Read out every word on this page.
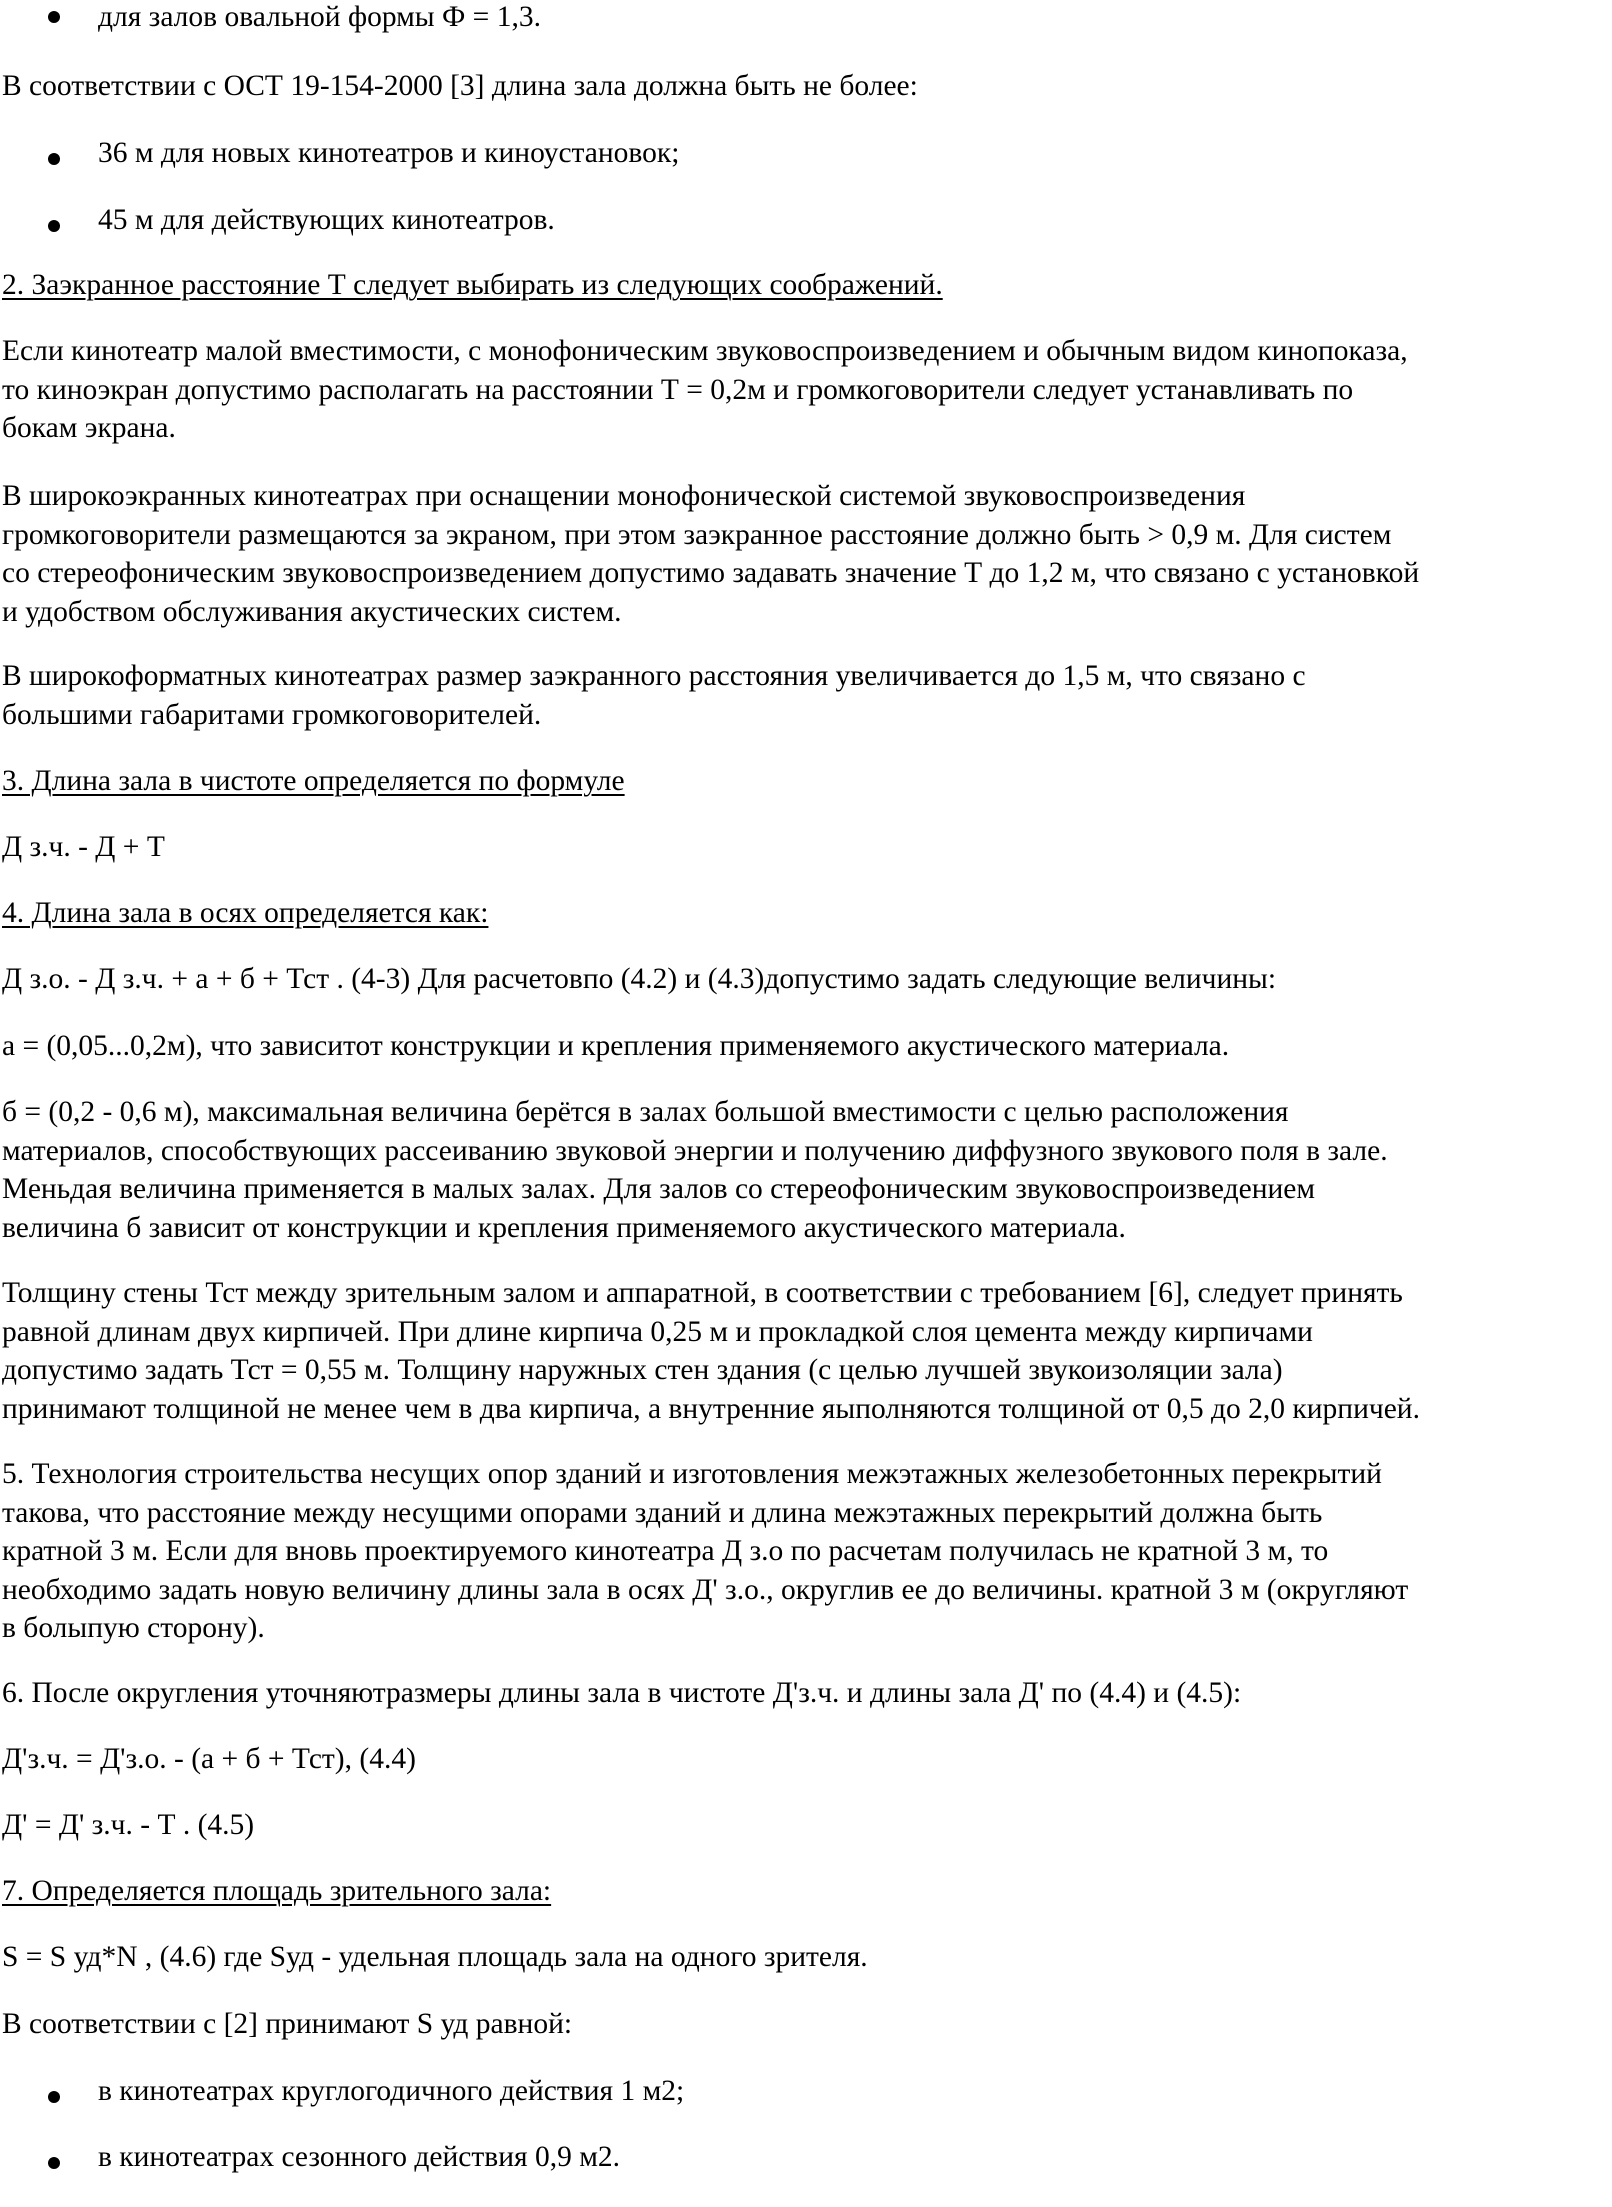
для залов овальной формы Ф = 1,3.

В соответствии с ОСТ 19-154-2000 [3] длина зала должна быть не более:

36 м для новых кинотеатров и киноустановок;

45 м для действующих кинотеатров.

2. Заэкранное расстояние Т следует выбирать из следующих соображений.

Если кинотеатр малой вместимости, с монофоническим звуковоспроизведением и обычным видом кинопоказа,
то киноэкран допустимо располагать на расстоянии Т = 0,2м и громкоговорители следует устанавливать по
бокам экрана.

В широкоэкранных кинотеатрах при оснащении монофонической системой звуковоспроизведения
громкоговорители размещаются за экраном, при этом заэкранное расстояние должно быть > 0,9 м. Для систем
со стереофоническим звуковоспроизведением допустимо задавать значение Т до 1,2 м, что связано с установкой
и удобством обслуживания акустических систем.

В широкоформатных кинотеатрах размер заэкранного расстояния увеличивается до 1,5 м, что связано с
большими габаритами громкоговорителей.

3. Длина зала в чистоте определяется по формуле

Д з.ч. - Д + Т

4. Длина зала в осях определяется как:

Д з.о. - Д з.ч. + а + б + Тст . (4-3) Для расчетовпо (4.2) и (4.3)допустимо задать следующие величины:

а = (0,05...0,2м), что зависитот конструкции и крепления применяемого акустического материала.

б = (0,2 - 0,6 м), максимальная величина берётся в залах большой вместимости с целью расположения
материалов, способствующих рассеиванию звуковой энергии и получению диффузного звукового поля в зале.
Меньдая величина применяется в малых залах. Для залов со стереофоническим звуковоспроизведением
величина б зависит от конструкции и крепления применяемого акустического материала.

Толщину стены Тст между зрительным залом и аппаратной, в соответствии с требованием [6], следует принять
равной длинам двух кирпичей. При длине кирпича 0,25 м и прокладкой слоя цемента между кирпичами
допустимо задать Тст = 0,55 м. Толщину наружных стен здания (с целью лучшей звукоизоляции зала)
принимают толщиной не менее чем в два кирпича, а внутренние яыполняются толщиной от 0,5 до 2,0 кирпичей.

5. Технология строительства несущих опор зданий и изготовления межэтажных железобетонных перекрытий
такова, что расстояние между несущими опорами зданий и длина межэтажных перекрытий должна быть
кратной 3 м. Если для вновь проектируемого кинотеатра Д з.о по расчетам получилась не кратной 3 м, то
необходимо задать новую величину длины зала в осях Д' з.о., округлив ее до величины. кратной 3 м (округляют
в болыпую сторону).

6. После округления уточняютразмеры длины зала в чистоте Д'з.ч. и длины зала Д' по (4.4) и (4.5):

Д'з.ч. = Д'з.о. - (а + б + Тст), (4.4)

Д' = Д' з.ч. - Т . (4.5)

7. Определяется площадь зрительного зала:

S = S уд*N , (4.6) где Sуд - удельная площадь зала на одного зрителя.

В соответствии с [2] принимают S уд равной:

в кинотеатрах круглогодичного действия 1 м2;

в кинотеатрах сезонного действия 0,9 м2.
